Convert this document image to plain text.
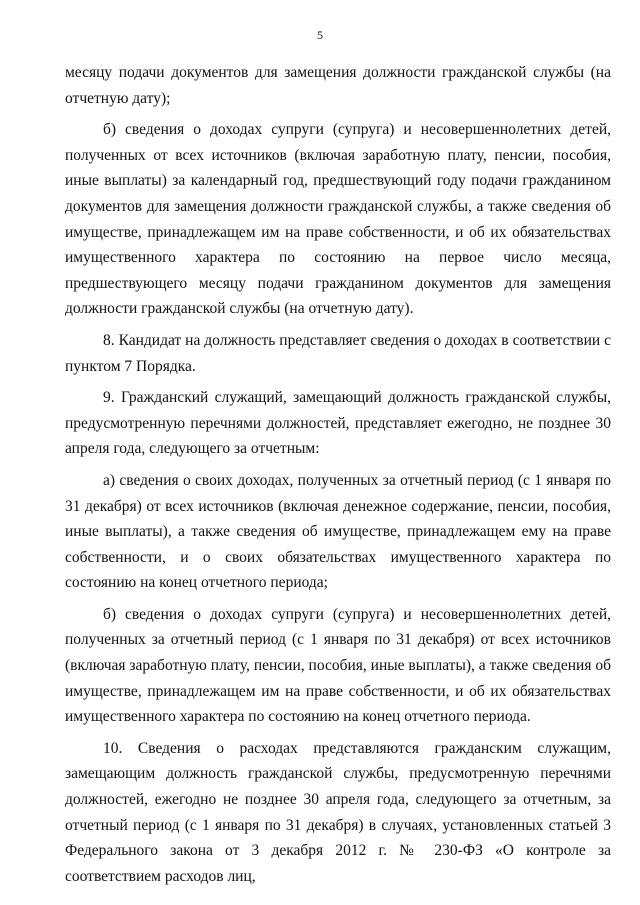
5

месяцу подачи документов для замещения должности гражданской службы (на отчетную дату);

б) сведения о доходах супруги (супруга) и несовершеннолетних детей, полученных от всех источников (включая заработную плату, пенсии, пособия, иные выплаты) за календарный год, предшествующий году подачи гражданином документов для замещения должности гражданской службы, а также сведения об имуществе, принадлежащем им на праве собственности, и об их обязательствах имущественного характера по состоянию на первое число месяца, предшествующего месяцу подачи гражданином документов для замещения должности гражданской службы (на отчетную дату).

8. Кандидат на должность представляет сведения о доходах в соответствии с пунктом 7 Порядка.

9. Гражданский служащий, замещающий должность гражданской службы, предусмотренную перечнями должностей, представляет ежегодно, не позднее 30 апреля года, следующего за отчетным:

а) сведения о своих доходах, полученных за отчетный период (с 1 января по 31 декабря) от всех источников (включая денежное содержание, пенсии, пособия, иные выплаты), а также сведения об имуществе, принадлежащем ему на праве собственности, и о своих обязательствах имущественного характера по состоянию на конец отчетного периода;

б) сведения о доходах супруги (супруга) и несовершеннолетних детей, полученных за отчетный период (с 1 января по 31 декабря) от всех источников (включая заработную плату, пенсии, пособия, иные выплаты), а также сведения об имуществе, принадлежащем им на праве собственности, и об их обязательствах имущественного характера по состоянию на конец отчетного периода.

10. Сведения о расходах представляются гражданским служащим, замещающим должность гражданской службы, предусмотренную перечнями должностей, ежегодно не позднее 30 апреля года, следующего за отчетным, за отчетный период (с 1 января по 31 декабря) в случаях, установленных статьей 3 Федерального закона от 3 декабря 2012 г. № 230-ФЗ «О контроле за соответствием расходов лиц,
